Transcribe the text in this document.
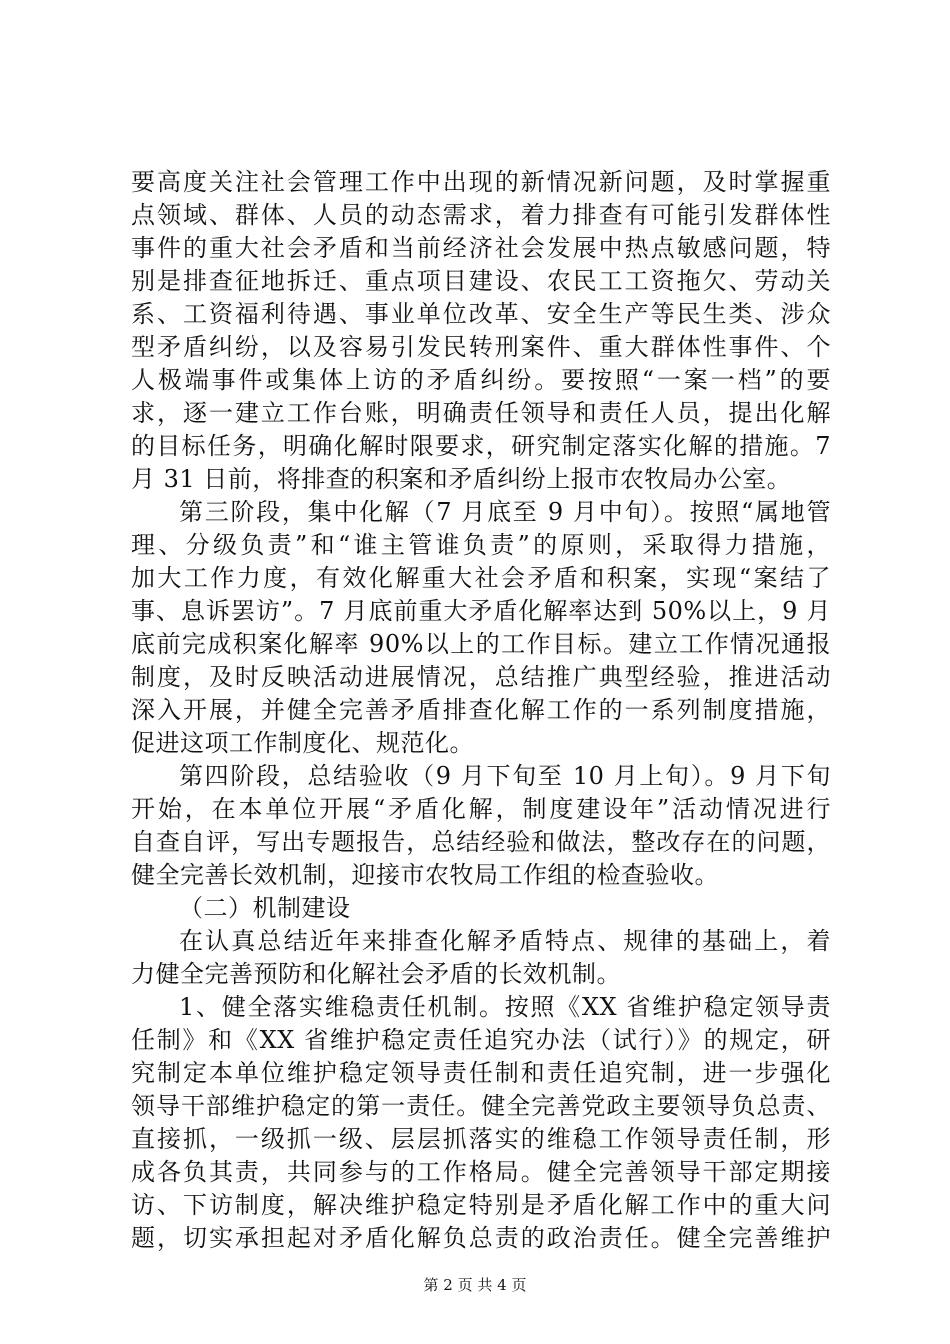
要高度关注社会管理工作中出现的新情况新问题，及时掌握重
点领域、群体、人员的动态需求，着力排查有可能引发群体性
事件的重大社会矛盾和当前经济社会发展中热点敏感问题，特
别是排查征地拆迁、重点项目建设、农民工工资拖欠、劳动关
系、工资福利待遇、事业单位改革、安全生产等民生类、涉众
型矛盾纠纷，以及容易引发民转刑案件、重大群体性事件、个
人极端事件或集体上访的矛盾纠纷。要按照“一案一档”的要
求，逐一建立工作台账，明确责任领导和责任人员，提出化解
的目标任务，明确化解时限要求，研究制定落实化解的措施。7
月 31 日前，将排查的积案和矛盾纠纷上报市农牧局办公室。
第三阶段，集中化解（7 月底至 9 月中旬）。按照“属地管
理、分级负责”和“谁主管谁负责”的原则，采取得力措施，
加大工作力度，有效化解重大社会矛盾和积案，实现“案结了
事、息诉罢访”。7 月底前重大矛盾化解率达到 50%以上，9 月
底前完成积案化解率 90%以上的工作目标。建立工作情况通报
制度，及时反映活动进展情况，总结推广典型经验，推进活动
深入开展，并健全完善矛盾排查化解工作的一系列制度措施，
促进这项工作制度化、规范化。
第四阶段，总结验收（9 月下旬至 10 月上旬）。9 月下旬
开始，在本单位开展“矛盾化解，制度建设年”活动情况进行
自查自评，写出专题报告，总结经验和做法，整改存在的问题，
健全完善长效机制，迎接市农牧局工作组的检查验收。
（二）机制建设
在认真总结近年来排查化解矛盾特点、规律的基础上，着
力健全完善预防和化解社会矛盾的长效机制。
1、健全落实维稳责任机制。按照《XX 省维护稳定领导责
任制》和《XX 省维护稳定责任追究办法（试行）》的规定，研
究制定本单位维护稳定领导责任制和责任追究制，进一步强化
领导干部维护稳定的第一责任。健全完善党政主要领导负总责、
直接抓，一级抓一级、层层抓落实的维稳工作领导责任制，形
成各负其责，共同参与的工作格局。健全完善领导干部定期接
访、下访制度，解决维护稳定特别是矛盾化解工作中的重大问
题，切实承担起对矛盾化解负总责的政治责任。健全完善维护
第 2 页 共 4 页
